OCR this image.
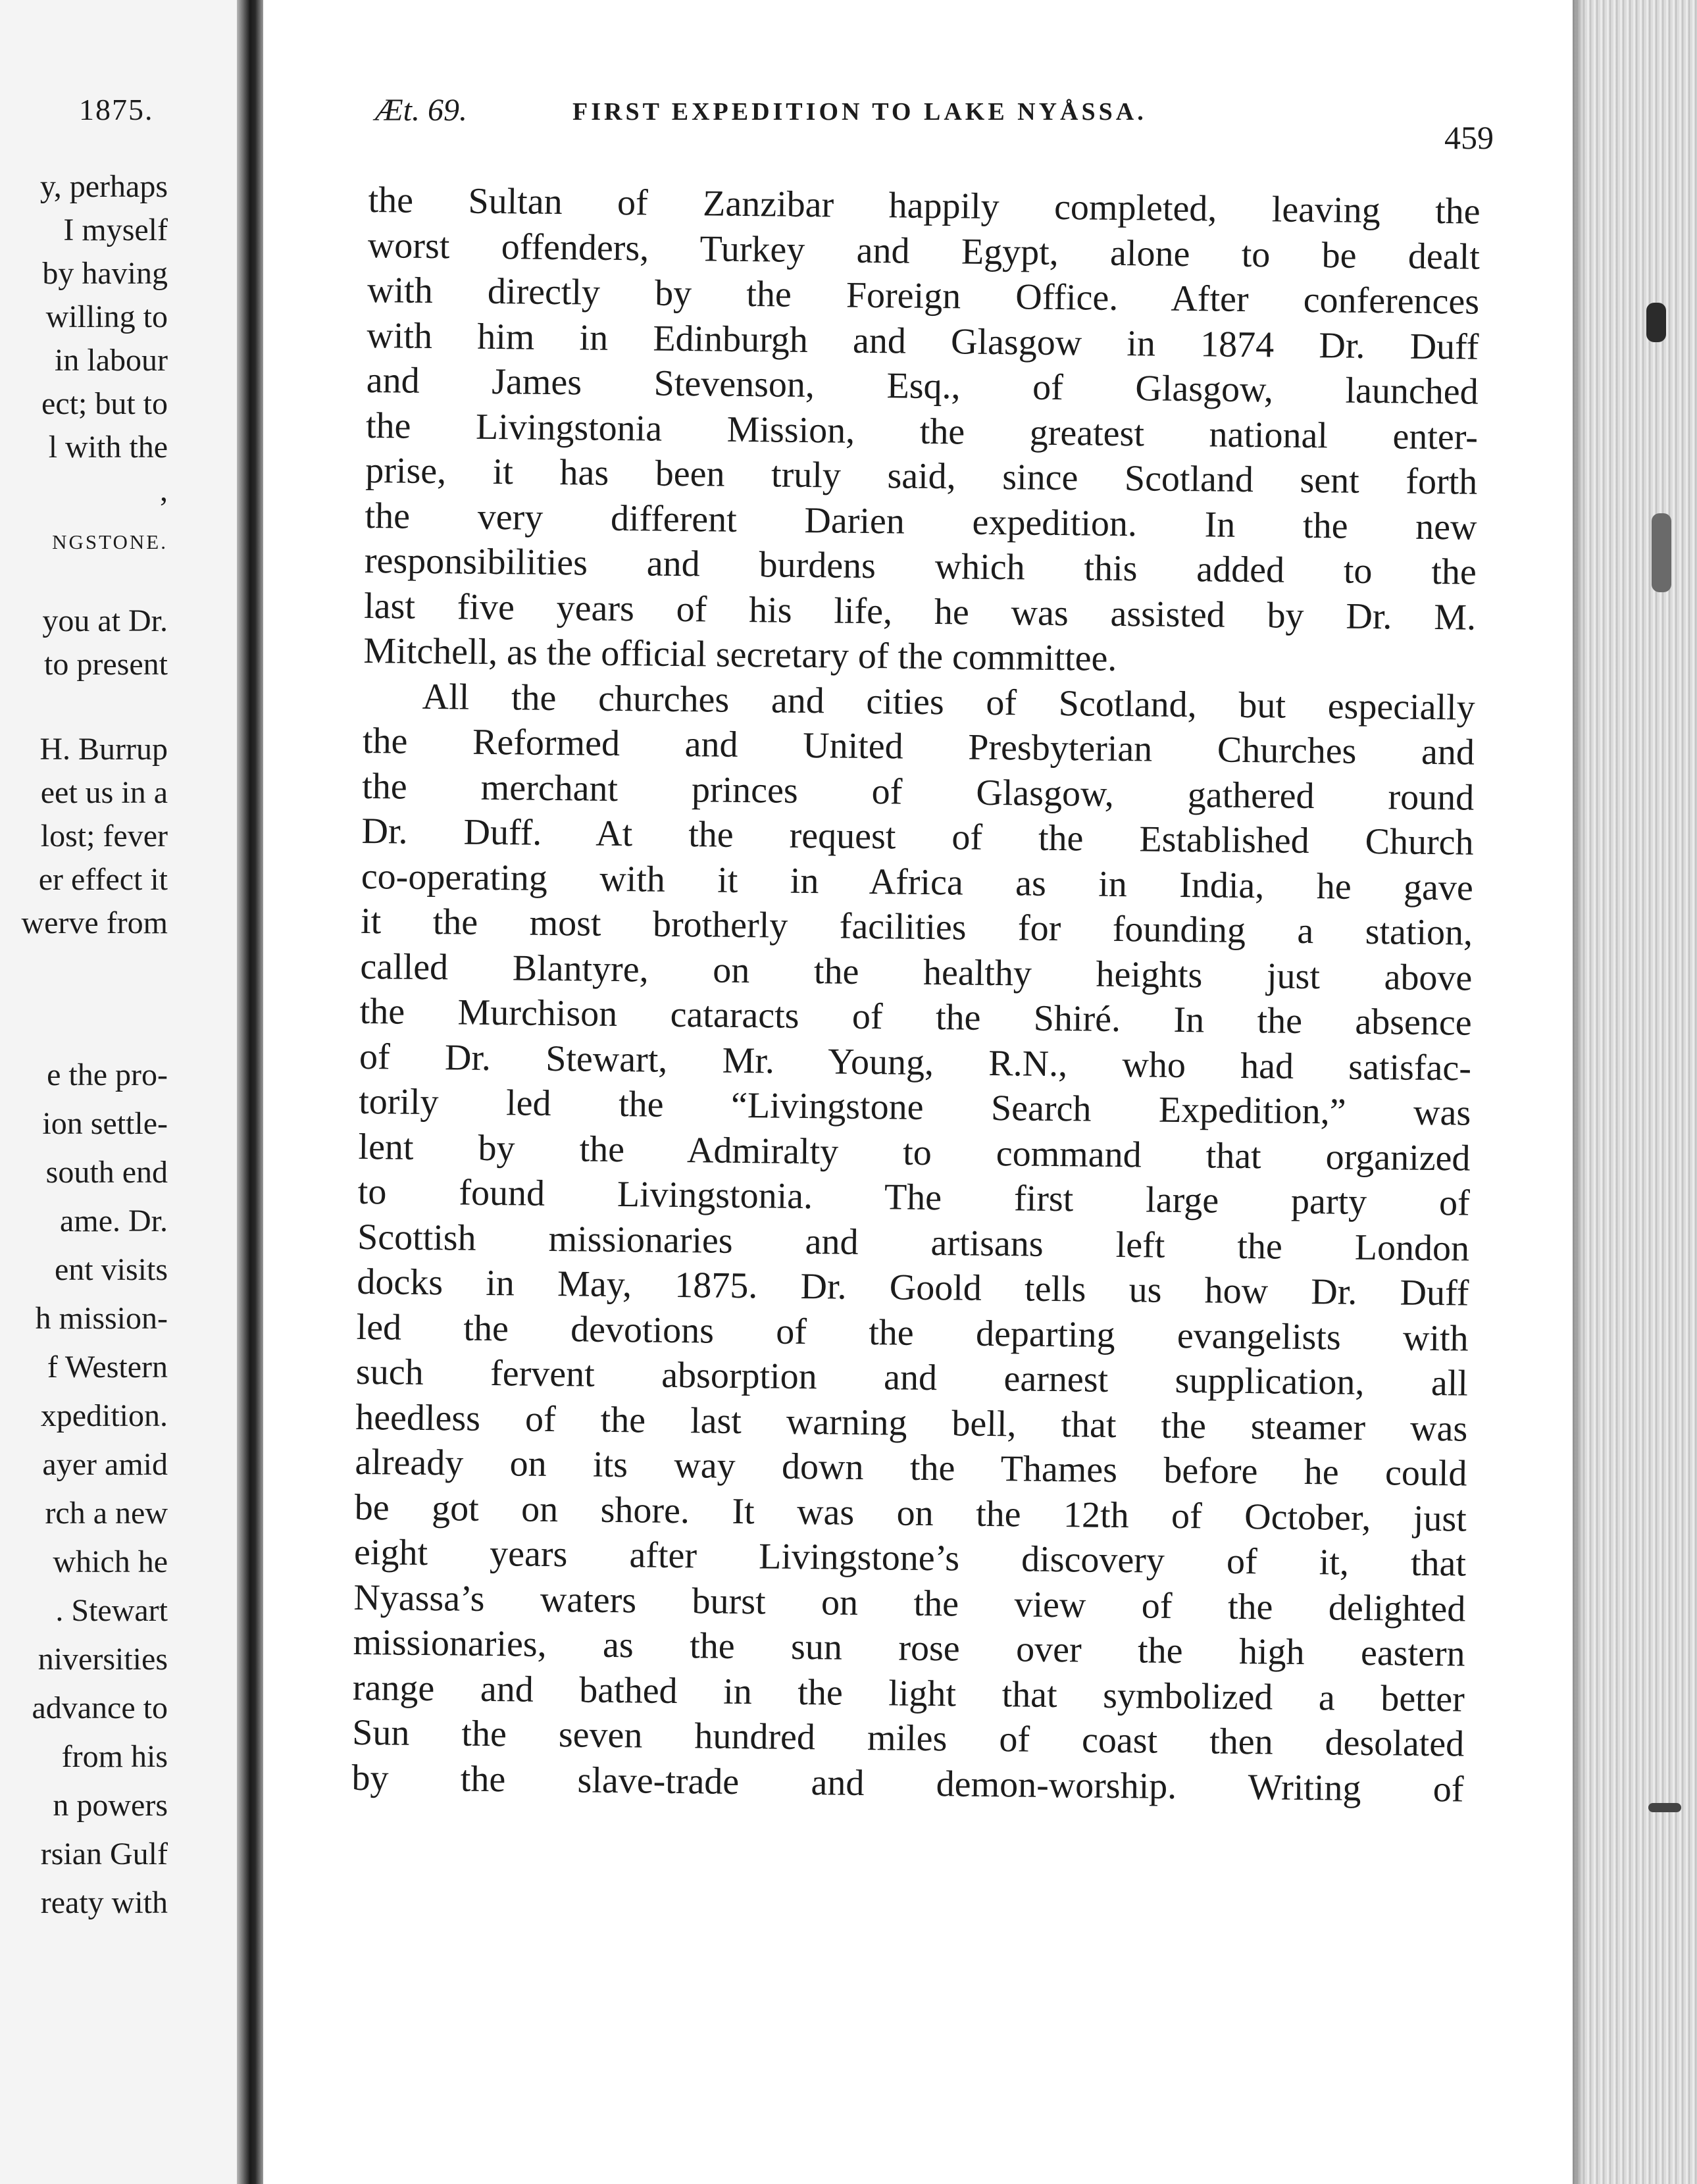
1875.
y, perhaps
I myself
by having
willing to
in labour
ect; but to
l with the
,
NGSTONE.
you at Dr.
to present
H. Burrup
eet us in a
lost; fever
er effect it
werve from
e the pro-
ion settle-
south end
ame. Dr.
ent visits
h mission-
f Western
xpedition.
ayer amid
rch a new
which he
. Stewart
niversities
advance to
from his
n powers
rsian Gulf
reaty with
Æt. 69.	FIRST EXPEDITION TO LAKE NYÅSSA.
459
the Sultan of Zanzibar happily completed, leaving the
worst offenders, Turkey and Egypt, alone to be dealt
with directly by the Foreign Office. After conferences
with him in Edinburgh and Glasgow in 1874 Dr. Duff
and James Stevenson, Esq., of Glasgow, launched
the Livingstonia Mission, the greatest national enter-
prise, it has been truly said, since Scotland sent forth
the very different Darien expedition. In the new
responsibilities and burdens which this added to the
last five years of his life, he was assisted by Dr. M.
Mitchell, as the official secretary of the committee.
All the churches and cities of Scotland, but especially
the Reformed and United Presbyterian Churches and
the merchant princes of Glasgow, gathered round
Dr. Duff. At the request of the Established Church
co-operating with it in Africa as in India, he gave
it the most brotherly facilities for founding a station,
called Blantyre, on the healthy heights just above
the Murchison cataracts of the Shiré. In the absence
of Dr. Stewart, Mr. Young, R.N., who had satisfac-
torily led the “Livingstone Search Expedition,” was
lent by the Admiralty to command that organized
to found Livingstonia. The first large party of
Scottish missionaries and artisans left the London
docks in May, 1875. Dr. Goold tells us how Dr. Duff
led the devotions of the departing evangelists with
such fervent absorption and earnest supplication, all
heedless of the last warning bell, that the steamer was
already on its way down the Thames before he could
be got on shore. It was on the 12th of October, just
eight years after Livingstone’s discovery of it, that
Nyassa’s waters burst on the view of the delighted
missionaries, as the sun rose over the high eastern
range and bathed in the light that symbolized a better
Sun the seven hundred miles of coast then desolated
by the slave-trade and demon-worship. Writing of
